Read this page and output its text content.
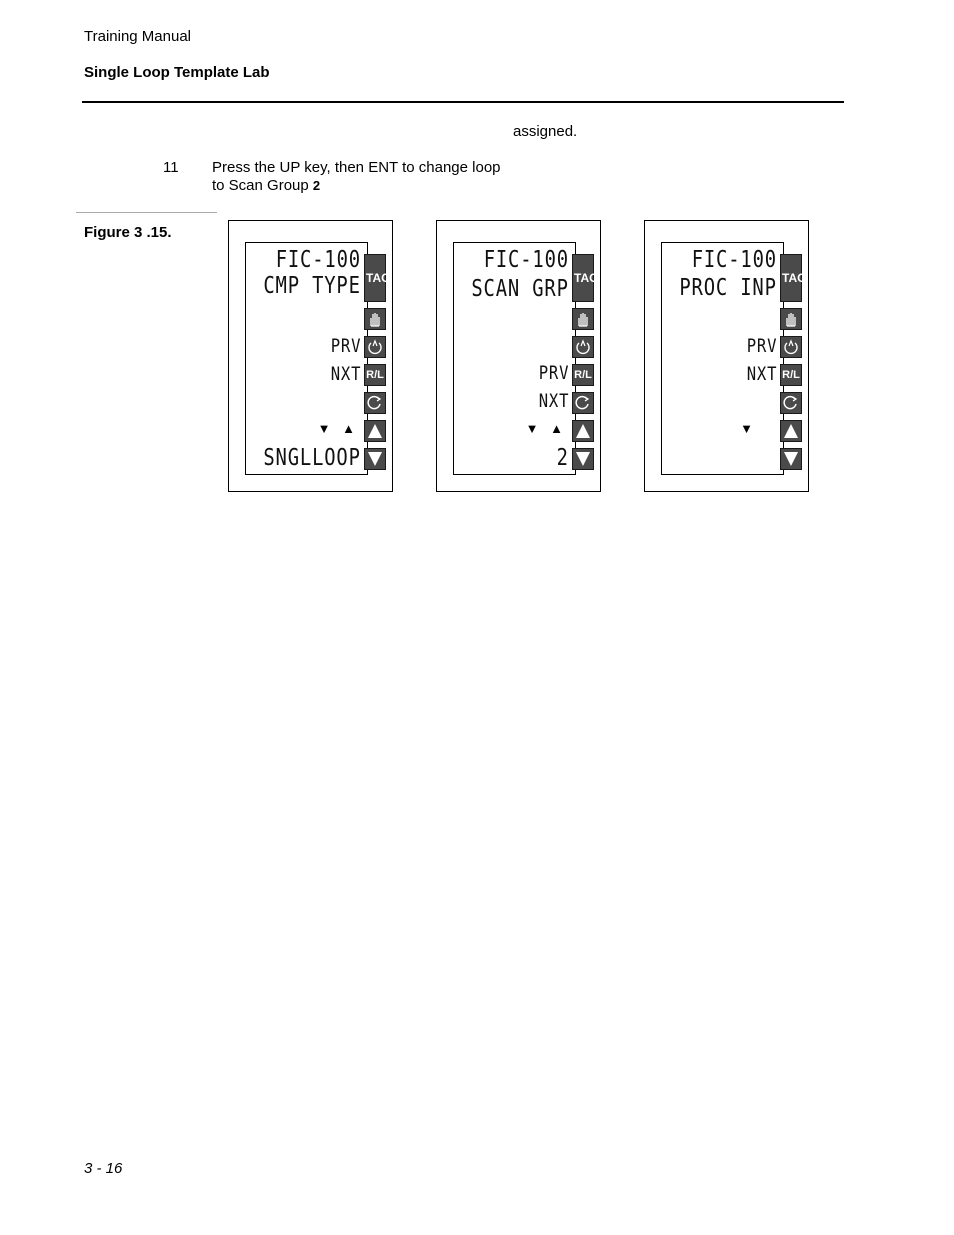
Training Manual
Single Loop Template Lab
assigned.
11 Press the UP key, then ENT to change loop to Scan Group 2
Figure 3 .15.
FIC-100
CMP TYPE
PRV
NXT
▼ ▲
SNGLLOOP
TAG
R/L
FIC-100
SCAN GRP
PRV
NXT
▼ ▲
2
TAG
R/L
FIC-100
PROC INP
PRV
NXT
▼
TAG
R/L
3 - 16
